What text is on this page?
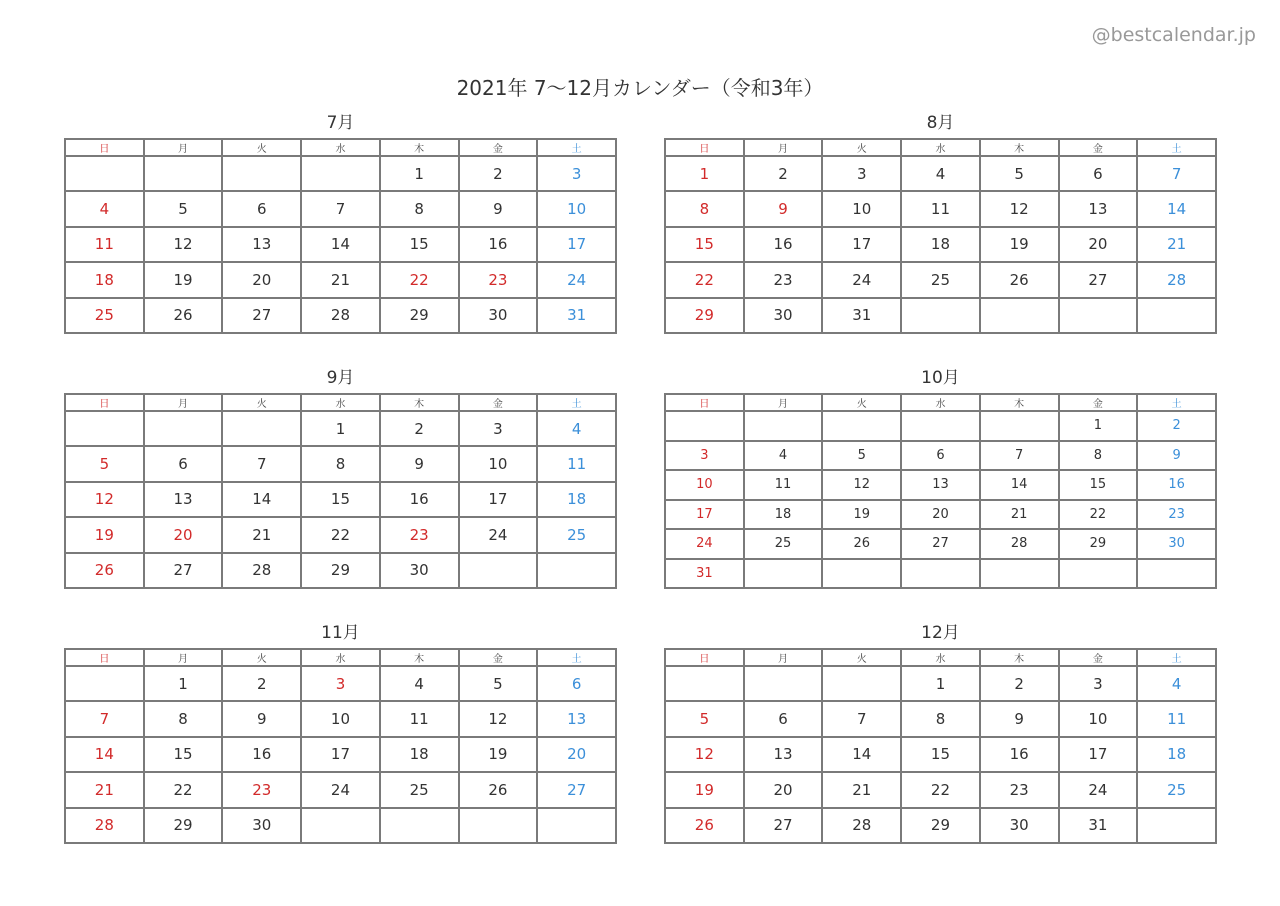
@bestcalendar.jp
2021年 7〜12月カレンダー（令和3年）
7月
日	月	火	水	木	金	土
				1	2	3
4	5	6	7	8	9	10
11	12	13	14	15	16	17
18	19	20	21	22	23	24
25	26	27	28	29	30	31
8月
日	月	火	水	木	金	土
1	2	3	4	5	6	7
8	9	10	11	12	13	14
15	16	17	18	19	20	21
22	23	24	25	26	27	28
29	30	31				
9月
日	月	火	水	木	金	土
			1	2	3	4
5	6	7	8	9	10	11
12	13	14	15	16	17	18
19	20	21	22	23	24	25
26	27	28	29	30		
10月
日	月	火	水	木	金	土
					1	2
3	4	5	6	7	8	9
10	11	12	13	14	15	16
17	18	19	20	21	22	23
24	25	26	27	28	29	30
31						
11月
日	月	火	水	木	金	土
	1	2	3	4	5	6
7	8	9	10	11	12	13
14	15	16	17	18	19	20
21	22	23	24	25	26	27
28	29	30				
12月
日	月	火	水	木	金	土
			1	2	3	4
5	6	7	8	9	10	11
12	13	14	15	16	17	18
19	20	21	22	23	24	25
26	27	28	29	30	31	
